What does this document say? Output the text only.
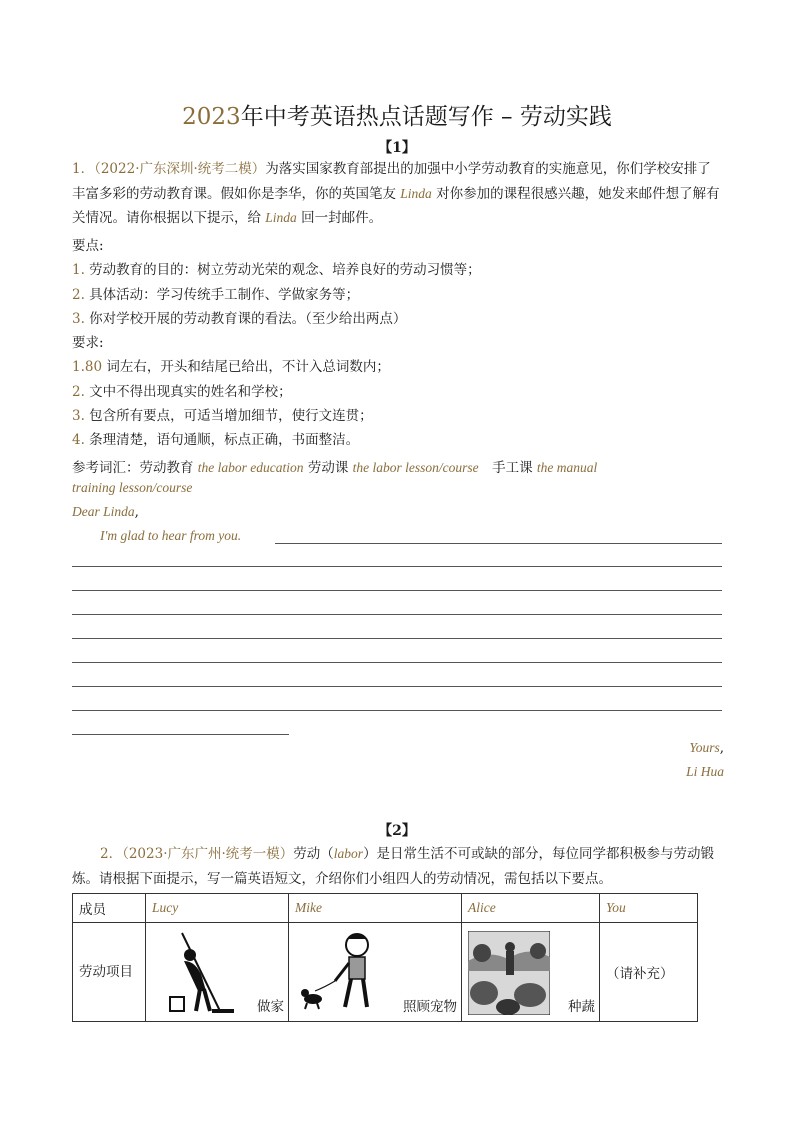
2023年中考英语热点话题写作 – 劳动实践
【1】
1．（2022·广东深圳·统考二模）为落实国家教育部提出的加强中小学劳动教育的实施意见，你们学校安排了丰富多彩的劳动教育课。假如你是李华，你的英国笔友 Linda 对你参加的课程很感兴趣，她发来邮件想了解有关情况。请你根据以下提示，给 Linda 回一封邮件。
要点:
1. 劳动教育的目的：树立劳动光荣的观念、培养良好的劳动习惯等；
2. 具体活动：学习传统手工制作、学做家务等；
3. 你对学校开展的劳动教育课的看法。（至少给出两点）
要求:
1.80 词左右，开头和结尾已给出，不计入总词数内；
2. 文中不得出现真实的姓名和学校；
3. 包含所有要点，可适当增加细节，使行文连贯；
4. 条理清楚，语句通顺，标点正确，书面整洁。
参考词汇：劳动教育 the labor education 劳动课 the labor lesson/course　手工课 the manual
training lesson/course
Dear Linda,
I'm glad to hear from you.
Yours,
Li Hua
【2】
2．（2023·广东广州·统考一模）劳动（labor）是日常生活不可或缺的部分，每位同学都积极参与劳动锻炼。请根据下面提示，写一篇英语短文，介绍你们小组四人的劳动情况，需包括以下要点。
成员	Lucy	Mike	Alice	You
劳动项目	做家	照顾宠物	种蔬	（请补充）
